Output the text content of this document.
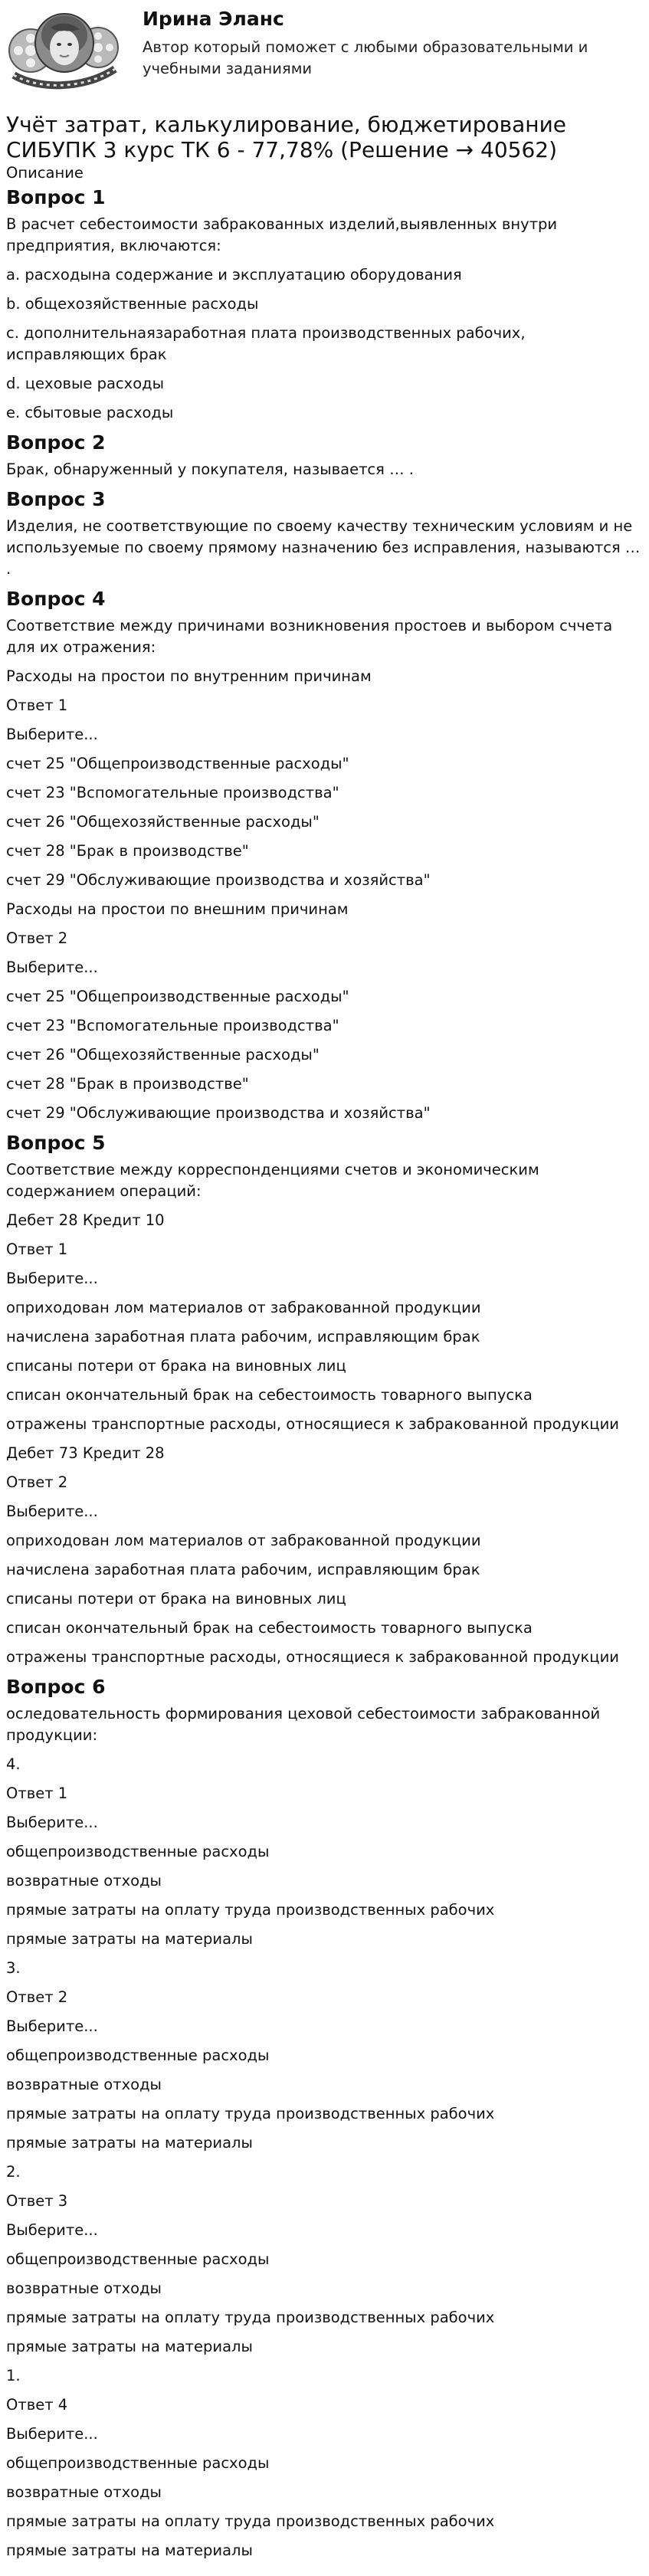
Ирина Эланс
Автор который поможет с любыми образовательными и учебными заданиями
Учёт затрат, калькулирование, бюджетирование СИБУПК 3 курс ТК 6 - 77,78% (Решение → 40562)

Описание

Вопрос 1

В расчет себестоимости забракованных изделий,выявленных внутри предприятия, включаются:

a. расходына содержание и эксплуатацию оборудования

b. общехозяйственные расходы

c. дополнительнаязаработная плата производственных рабочих, исправляющих брак

d. цеховые расходы

e. сбытовые расходы

Вопрос 2

Брак, обнаруженный у покупателя, называется … .

Вопрос 3

Изделия, не соответствующие по своему качеству техническим условиям и не используемые по своему прямому назначению без исправления, называются … .

Вопрос 4

Соответствие между причинами возникновения простоев и выбором сччета для их отражения:

Расходы на простои по внутренним причинам

Ответ 1

Выберите...

счет 25 "Общепроизводственные расходы"

счет 23 "Вспомогательные производства"

счет 26 "Общехозяйственные расходы"

счет 28 "Брак в производстве"

счет 29 "Обслуживающие производства и хозяйства"

Расходы на простои по внешним причинам

Ответ 2

Выберите...

счет 25 "Общепроизводственные расходы"

счет 23 "Вспомогательные производства"

счет 26 "Общехозяйственные расходы"

счет 28 "Брак в производстве"

счет 29 "Обслуживающие производства и хозяйства"

Вопрос 5

Соответствие между корреспонденциями счетов и экономическим содержанием операций:

Дебет 28 Кредит 10

Ответ 1

Выберите...

оприходован лом материалов от забракованной продукции

начислена заработная плата рабочим, исправляющим брак

списаны потери от брака на виновных лиц

списан окончательный брак на себестоимость товарного выпуска

отражены транспортные расходы, относящиеся к забракованной продукции

Дебет 73 Кредит 28

Ответ 2

Выберите...

оприходован лом материалов от забракованной продукции

начислена заработная плата рабочим, исправляющим брак

списаны потери от брака на виновных лиц

списан окончательный брак на себестоимость товарного выпуска

отражены транспортные расходы, относящиеся к забракованной продукции

Вопрос 6

оследовательность формирования цеховой себестоимости забракованной продукции:

4.

Ответ 1

Выберите...

общепроизводственные расходы

возвратные отходы

прямые затраты на оплату труда производственных рабочих

прямые затраты на материалы

3.

Ответ 2

Выберите...

общепроизводственные расходы

возвратные отходы

прямые затраты на оплату труда производственных рабочих

прямые затраты на материалы

2.

Ответ 3

Выберите...

общепроизводственные расходы

возвратные отходы

прямые затраты на оплату труда производственных рабочих

прямые затраты на материалы

1.

Ответ 4

Выберите...

общепроизводственные расходы

возвратные отходы

прямые затраты на оплату труда производственных рабочих

прямые затраты на материалы
